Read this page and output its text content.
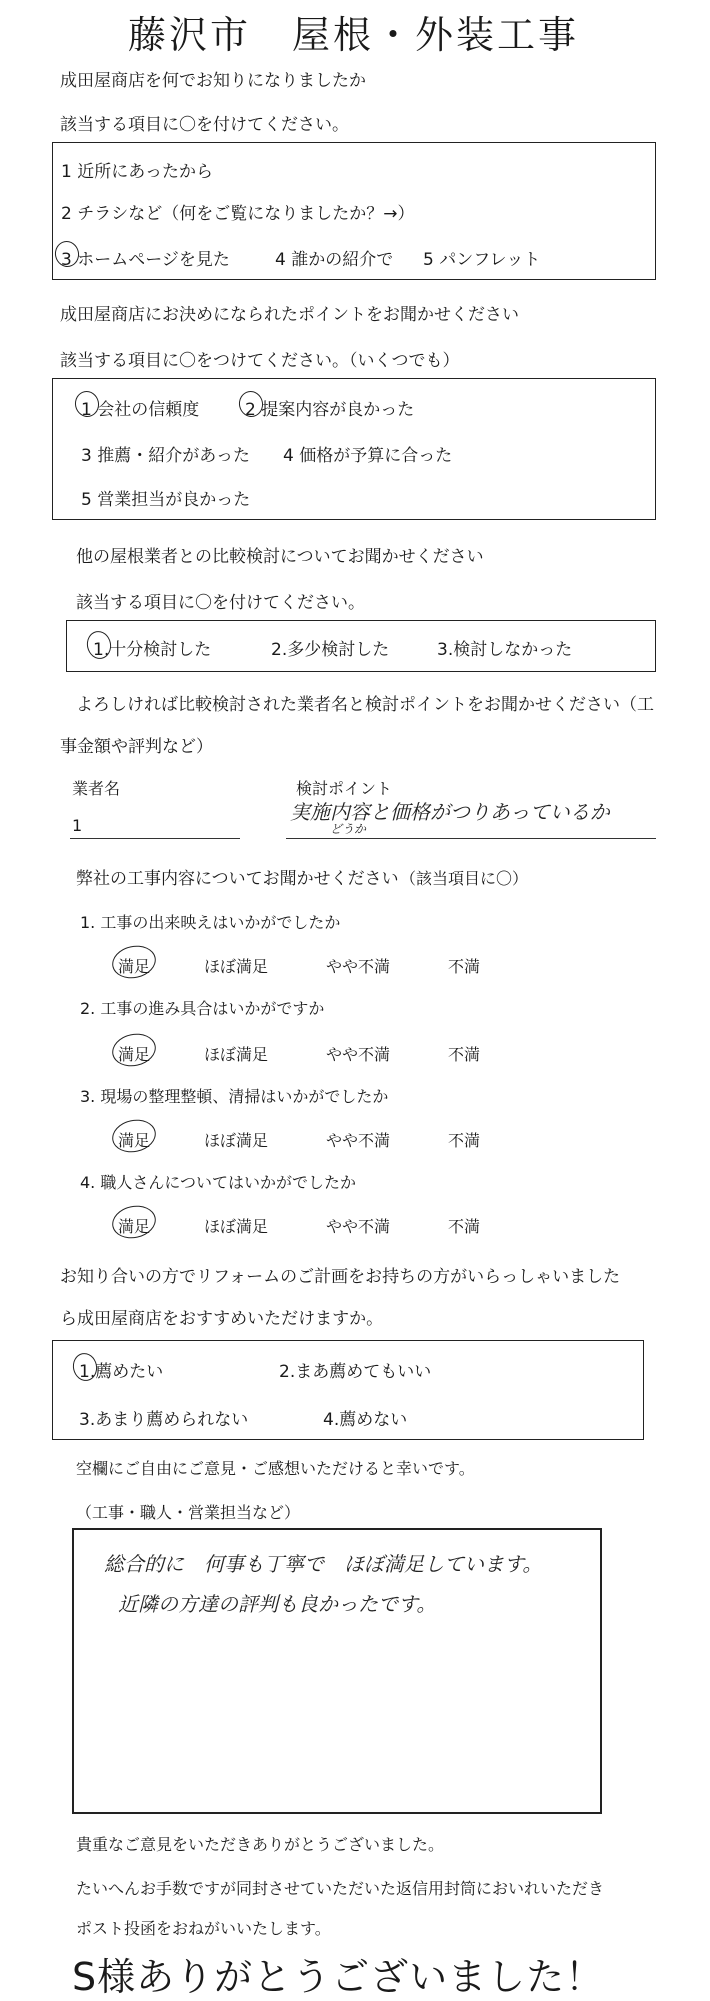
藤沢市　屋根・外装工事
成田屋商店を何でお知りになりましたか
該当する項目に〇を付けてください。
1 近所にあったから
2 チラシなど（何をご覧になりましたか？→）
3 ホームページを見た	4 誰かの紹介で 5 パンフレット
成田屋商店にお決めになられたポイントをお聞かせください
該当する項目に〇をつけてください。（いくつでも）
1 会社の信頼度	2 提案内容が良かった
3 推薦・紹介があった 4 価格が予算に合った
5 営業担当が良かった
他の屋根業者との比較検討についてお聞かせください
該当する項目に〇を付けてください。
1.十分検討した	2.多少検討した	3.検討しなかった
よろしければ比較検討された業者名と検討ポイントをお聞かせください（工
事金額や評判など）
業者名	検討ポイント
1
実施内容と価格がつりあっているか
どうか
弊社の工事内容についてお聞かせください （該当項目に〇）
1. 工事の出来映えはいかがでしたか
満足	ほぼ満足	やや不満	不満
2. 工事の進み具合はいかがですか
満足	ほぼ満足	やや不満	不満
3. 現場の整理整頓、清掃はいかがでしたか
満足	ほぼ満足	やや不満	不満
4. 職人さんについてはいかがでしたか
満足	ほぼ満足	やや不満	不満
お知り合いの方でリフォームのご計画をお持ちの方がいらっしゃいました
ら成田屋商店をおすすめいただけますか。
1.薦めたい	2.まあ薦めてもいい
3.あまり薦められない	4.薦めない
空欄にご自由にご意見・ご感想いただけると幸いです。
（工事・職人・営業担当など）
総合的に　何事も丁寧で　ほぼ満足しています。
近隣の方達の評判も良かったです。
貴重なご意見をいただきありがとうございました。
たいへんお手数ですが同封させていただいた返信用封筒においれいただき
ポスト投函をおねがいいたします。
S様ありがとうございました！
